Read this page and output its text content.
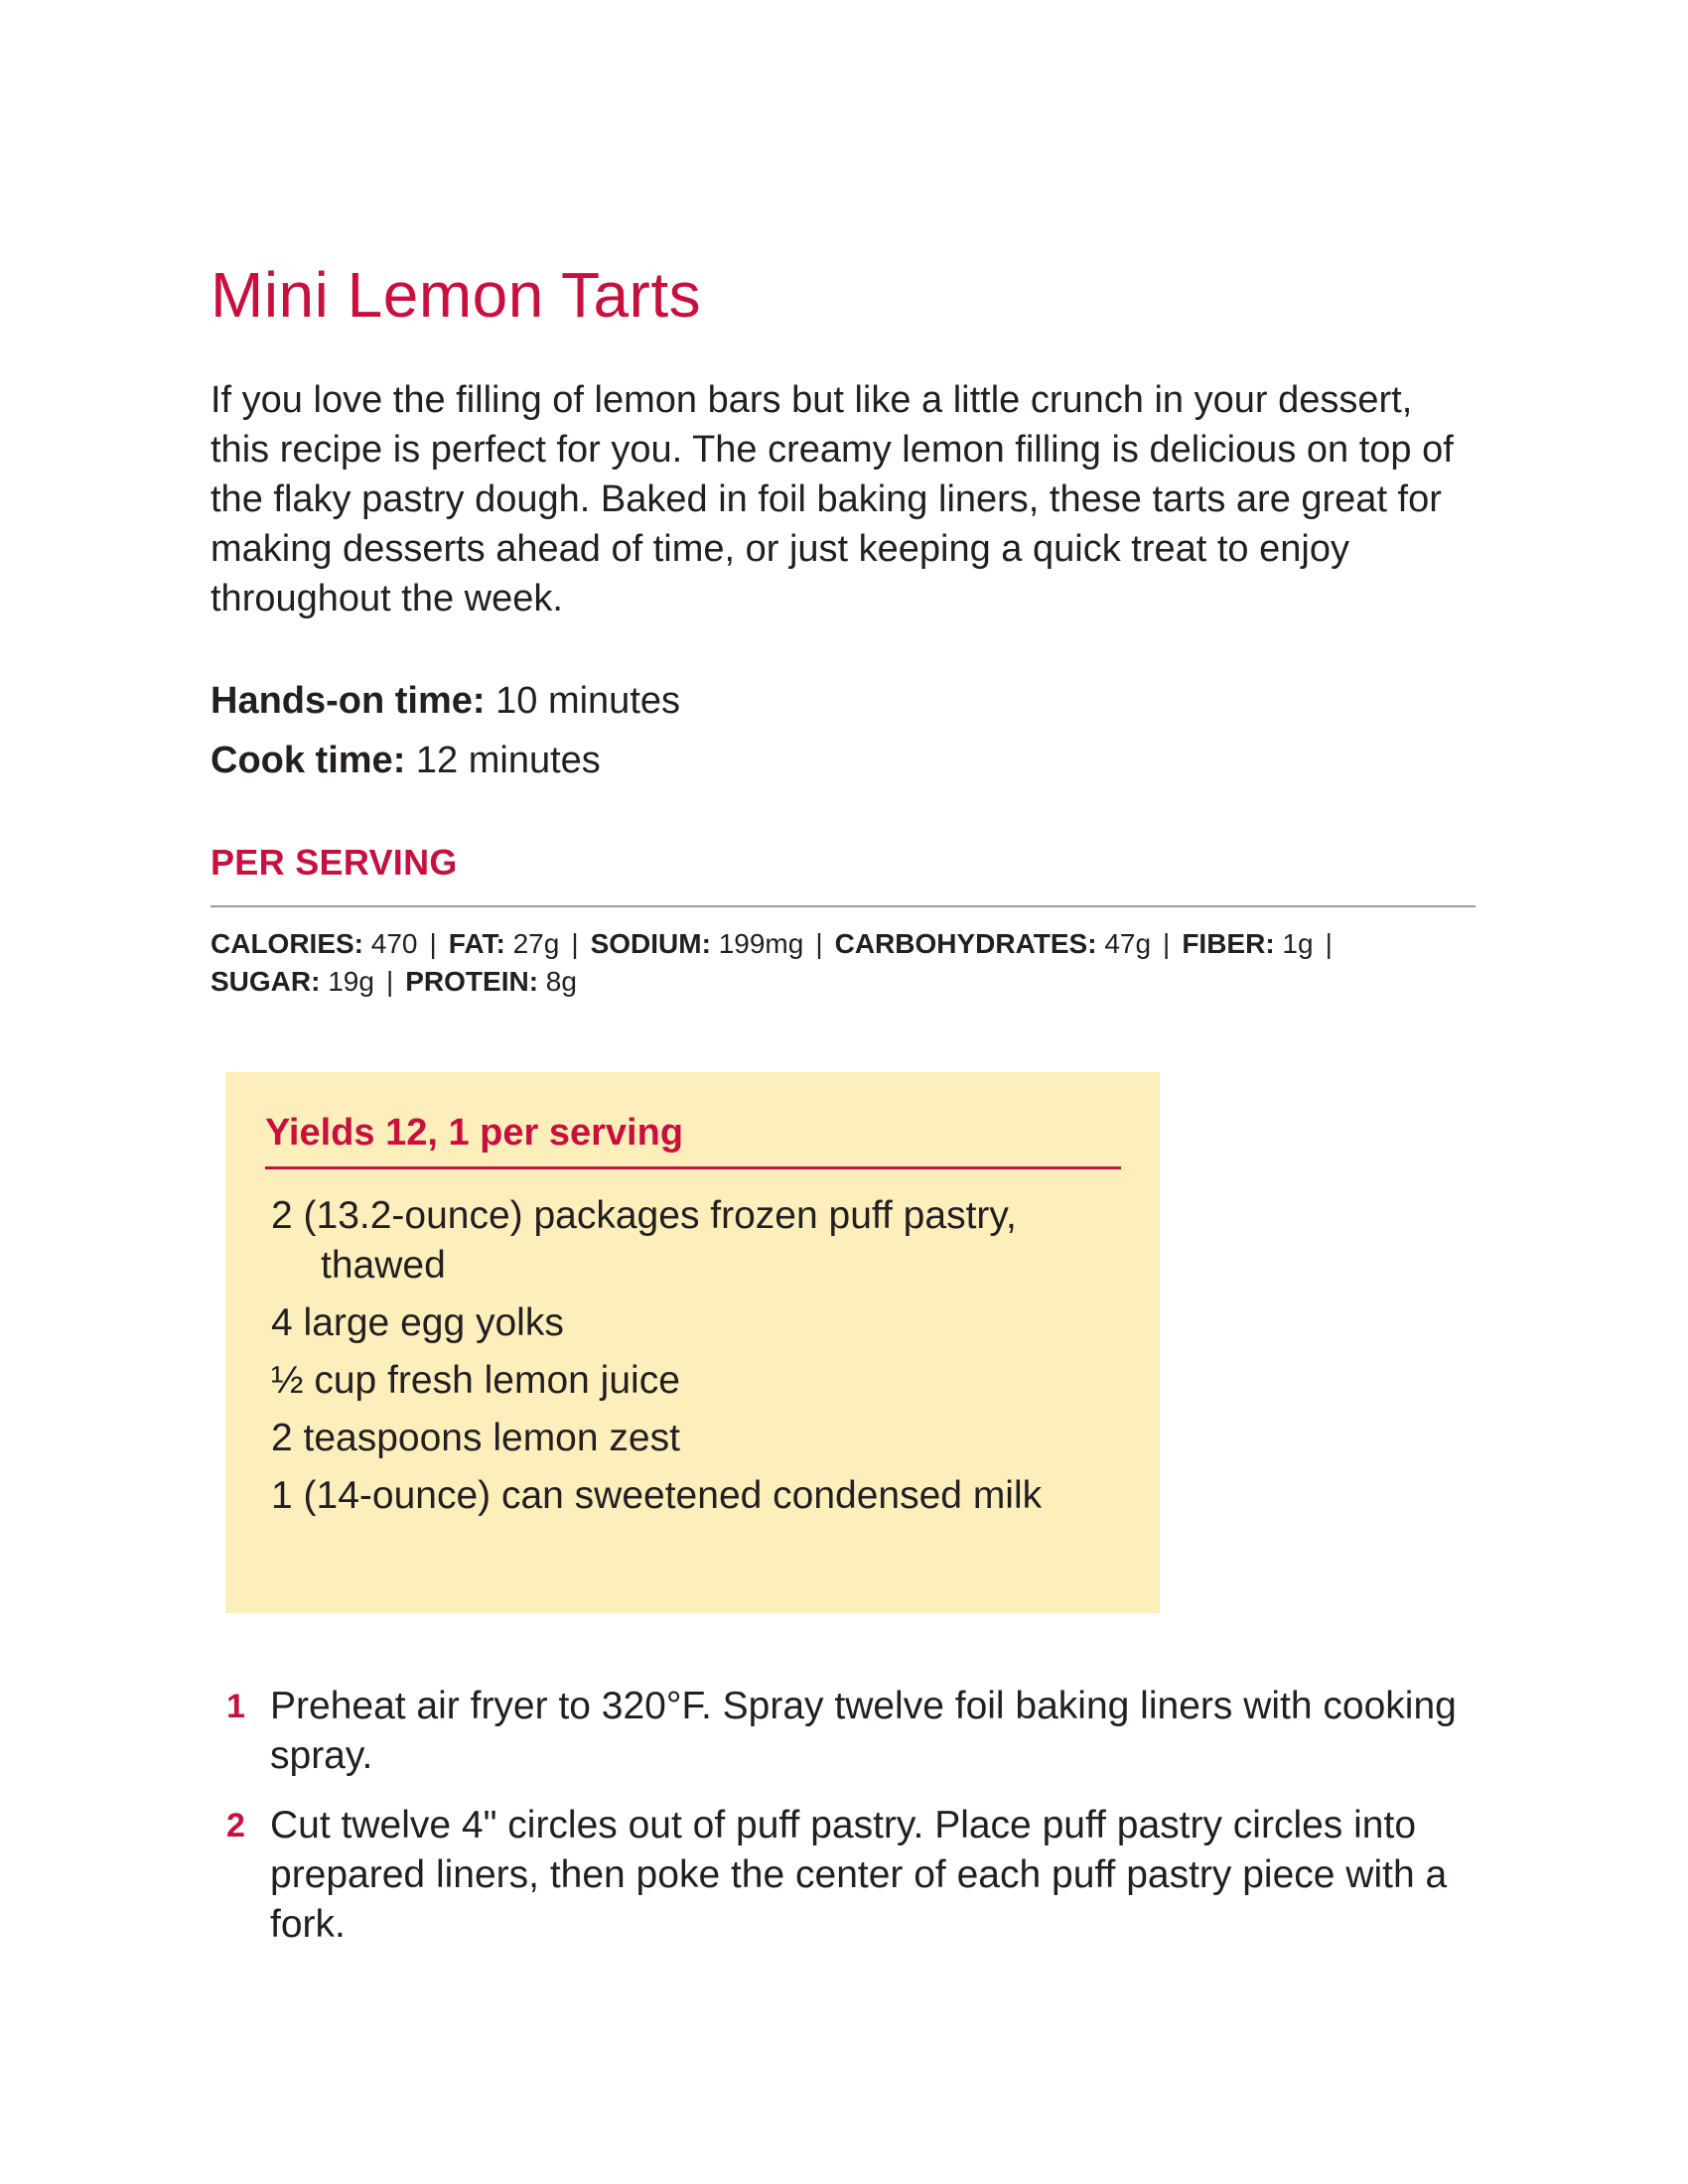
Mini Lemon Tarts

If you love the filling of lemon bars but like a little crunch in your dessert, this recipe is perfect for you. The creamy lemon filling is delicious on top of the flaky pastry dough. Baked in foil baking liners, these tarts are great for making desserts ahead of time, or just keeping a quick treat to enjoy throughout the week.

Hands-on time: 10 minutes
Cook time: 12 minutes
PER SERVING
CALORIES: 470 | FAT: 27g | SODIUM: 199mg | CARBOHYDRATES: 47g | FIBER: 1g |
SUGAR: 19g | PROTEIN: 8g
Yields 12, 1 per serving
2 (13.2-ounce) packages frozen puff pastry, thawed
4 large egg yolks
½ cup fresh lemon juice
2 teaspoons lemon zest
1 (14-ounce) can sweetened condensed milk
1 Preheat air fryer to 320°F. Spray twelve foil baking liners with cooking spray.
2 Cut twelve 4" circles out of puff pastry. Place puff pastry circles into prepared liners, then poke the center of each puff pastry piece with a fork.
